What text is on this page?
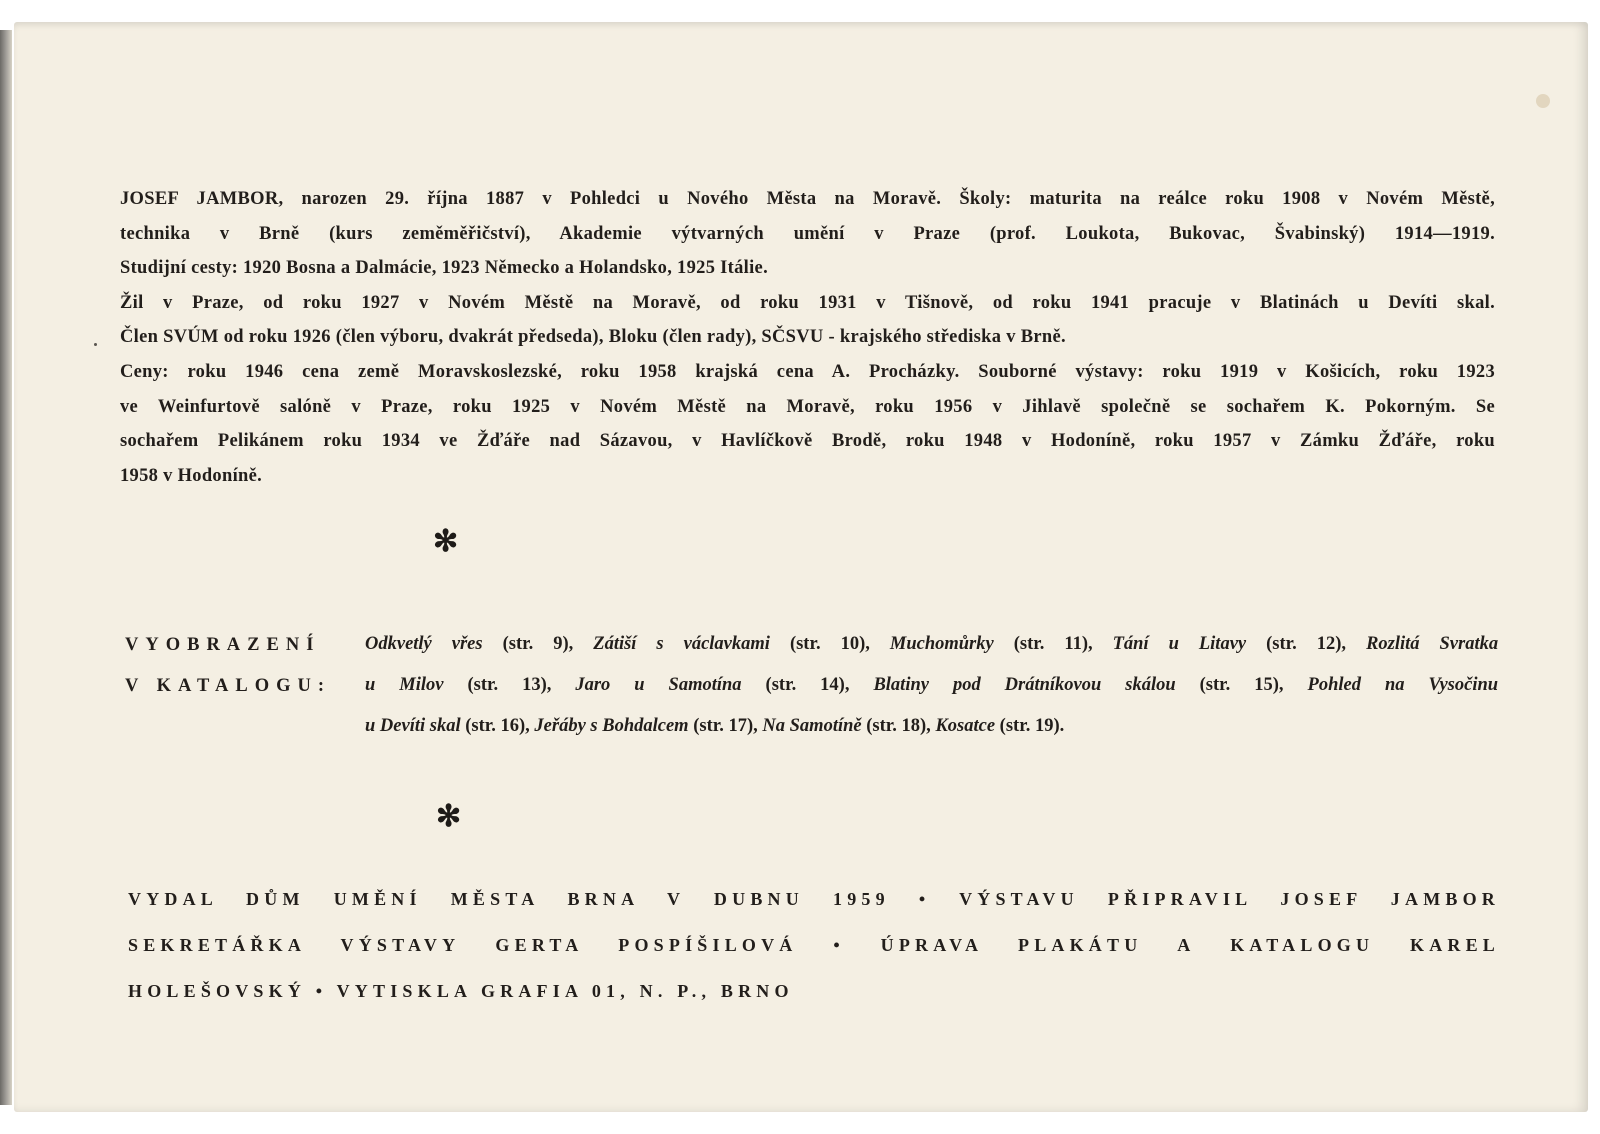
JOSEF JAMBOR, narozen 29. října 1887 v Pohledci u Nového Města na Moravě. Školy: maturita na reálce roku 1908 v Novém Městě,

technika v Brně (kurs zeměměřičství), Akademie výtvarných umění v Praze (prof. Loukota, Bukovac, Švabinský) 1914—1919.

Studijní cesty: 1920 Bosna a Dalmácie, 1923 Německo a Holandsko, 1925 Itálie.

Žil v Praze, od roku 1927 v Novém Městě na Moravě, od roku 1931 v Tišnově, od roku 1941 pracuje v Blatinách u Devíti skal.

Člen SVÚM od roku 1926 (člen výboru, dvakrát předseda), Bloku (člen rady), SČSVU - krajského střediska v Brně.

Ceny: roku 1946 cena země Moravskoslezské, roku 1958 krajská cena A. Procházky. Souborné výstavy: roku 1919 v Košicích, roku 1923

ve Weinfurtově salóně v Praze, roku 1925 v Novém Městě na Moravě, roku 1956 v Jihlavě společně se sochařem K. Pokorným. Se

sochařem Pelikánem roku 1934 ve Žďáře nad Sázavou, v Havlíčkově Brodě, roku 1948 v Hodoníně, roku 1957 v Zámku Žďáře, roku

1958 v Hodoníně.

✻
VYOBRAZENÍ
V KATALOGU:

Odkvetlý vřes (str. 9), Zátiší s václavkami (str. 10), Muchomůrky (str. 11), Tání u Litavy (str. 12), Rozlitá Svratka

u Milov (str. 13), Jaro u Samotína (str. 14), Blatiny pod Drátníkovou skálou (str. 15), Pohled na Vysočinu

u Devíti skal (str. 16), Jeřáby s Bohdalcem (str. 17), Na Samotíně (str. 18), Kosatce (str. 19).

✻

VYDAL DŮM UMĚNÍ MĚSTA BRNA V DUBNU 1959 • VÝSTAVU PŘIPRAVIL JOSEF JAMBOR

SEKRETÁŘKA VÝSTAVY GERTA POSPÍŠILOVÁ • ÚPRAVA PLAKÁTU A KATALOGU KAREL

HOLEŠOVSKÝ • VYTISKLA GRAFIA 01, N. P., BRNO
